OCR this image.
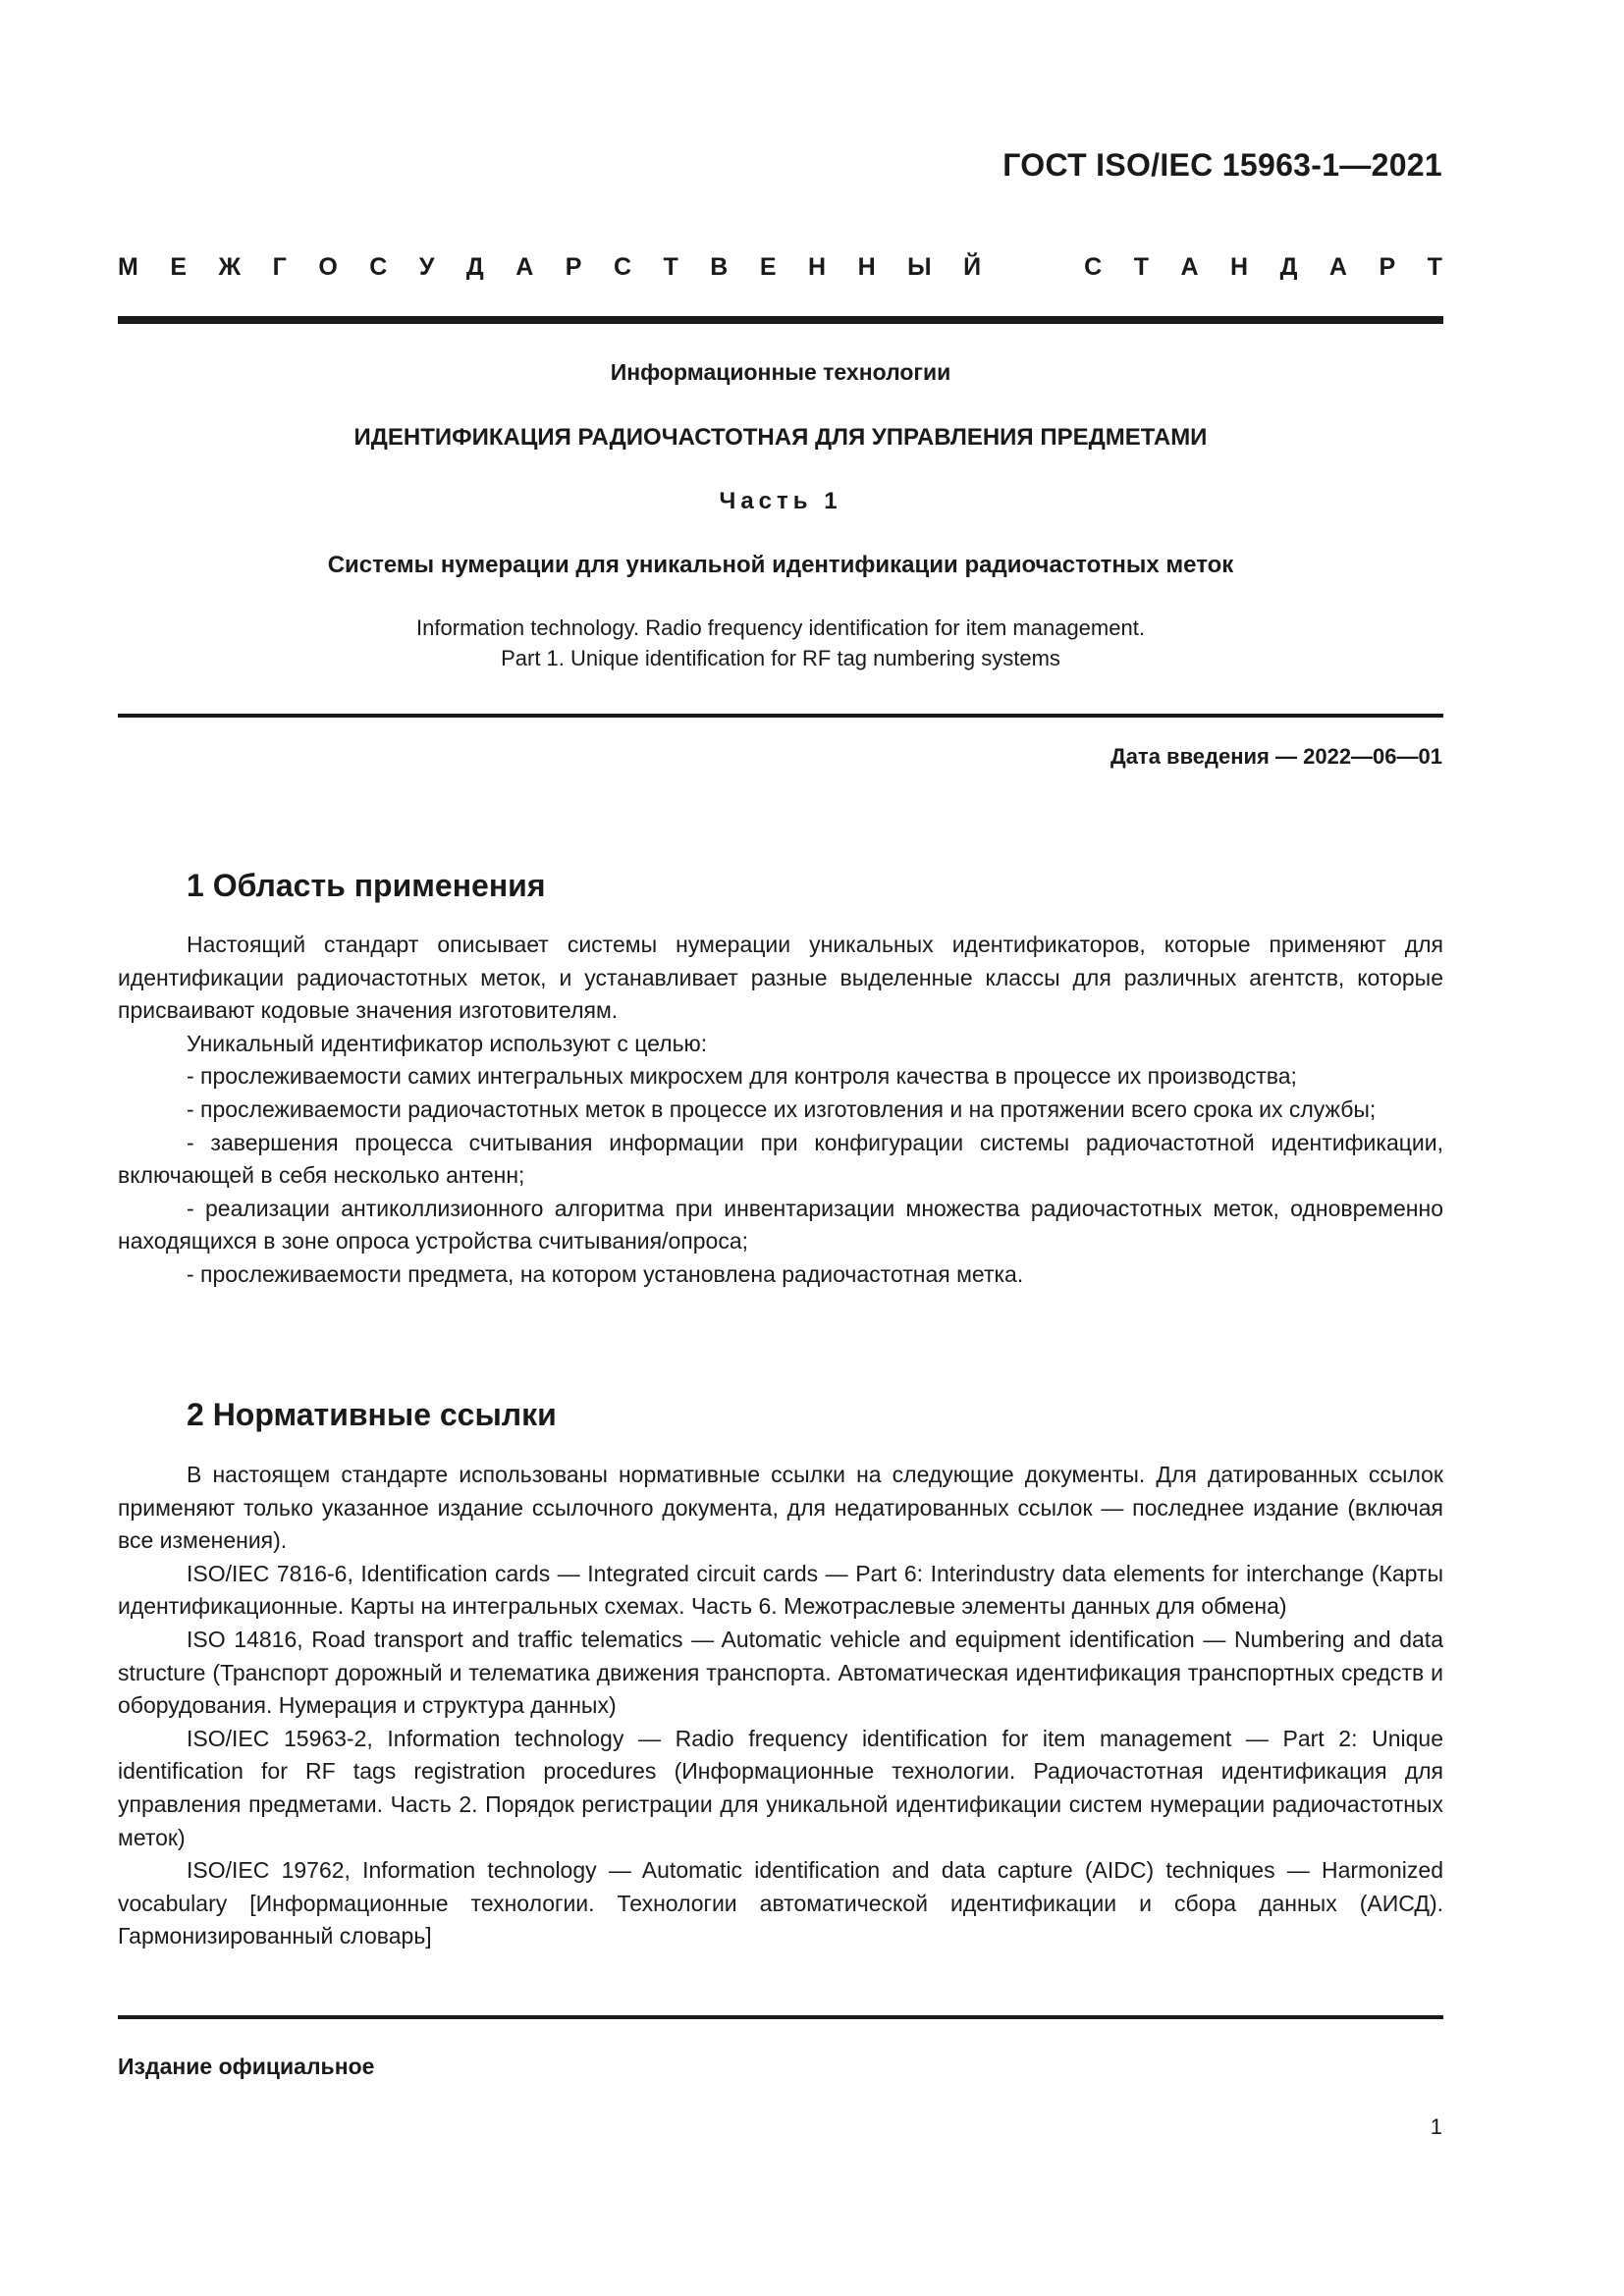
ГОСТ ISO/IEC 15963-1—2021
М Е Ж Г О С У Д А Р С Т В Е Н Н Ы Й	С Т А Н Д А Р Т
Информационные технологии
ИДЕНТИФИКАЦИЯ РАДИОЧАСТОТНАЯ ДЛЯ УПРАВЛЕНИЯ ПРЕДМЕТАМИ
Часть 1
Системы нумерации для уникальной идентификации радиочастотных меток
Information technology. Radio frequency identification for item management.
Part 1. Unique identification for RF tag numbering systems
Дата введения — 2022—06—01
1 Область применения

Настоящий стандарт описывает системы нумерации уникальных идентификаторов, которые применяют для идентификации радиочастотных меток, и устанавливает разные выделенные классы для различных агентств, которые присваивают кодовые значения изготовителям.

Уникальный идентификатор используют с целью:

- прослеживаемости самих интегральных микросхем для контроля качества в процессе их производства;

- прослеживаемости радиочастотных меток в процессе их изготовления и на протяжении всего срока их службы;

- завершения процесса считывания информации при конфигурации системы радиочастотной идентификации, включающей в себя несколько антенн;

- реализации антиколлизионного алгоритма при инвентаризации множества радиочастотных меток, одновременно находящихся в зоне опроса устройства считывания/опроса;

- прослеживаемости предмета, на котором установлена радиочастотная метка.

2 Нормативные ссылки

В настоящем стандарте использованы нормативные ссылки на следующие документы. Для датированных ссылок применяют только указанное издание ссылочного документа, для недатированных ссылок — последнее издание (включая все изменения).

ISO/IEC 7816-6, Identification cards — Integrated circuit cards — Part 6: Interindustry data elements for interchange (Карты идентификационные. Карты на интегральных схемах. Часть 6. Межотраслевые элементы данных для обмена)

ISO 14816, Road transport and traffic telematics — Automatic vehicle and equipment identification — Numbering and data structure (Транспорт дорожный и телематика движения транспорта. Автоматическая идентификация транспортных средств и оборудования. Нумерация и структура данных)

ISO/IEC 15963-2, Information technology — Radio frequency identification for item management — Part 2: Unique identification for RF tags registration procedures (Информационные технологии. Радиочастотная идентификация для управления предметами. Часть 2. Порядок регистрации для уникальной идентификации систем нумерации радиочастотных меток)

ISO/IEC 19762, Information technology — Automatic identification and data capture (AIDC) techniques — Harmonized vocabulary [Информационные технологии. Технологии автоматической идентификации и сбора данных (АИСД). Гармонизированный словарь]

Издание официальное
1
